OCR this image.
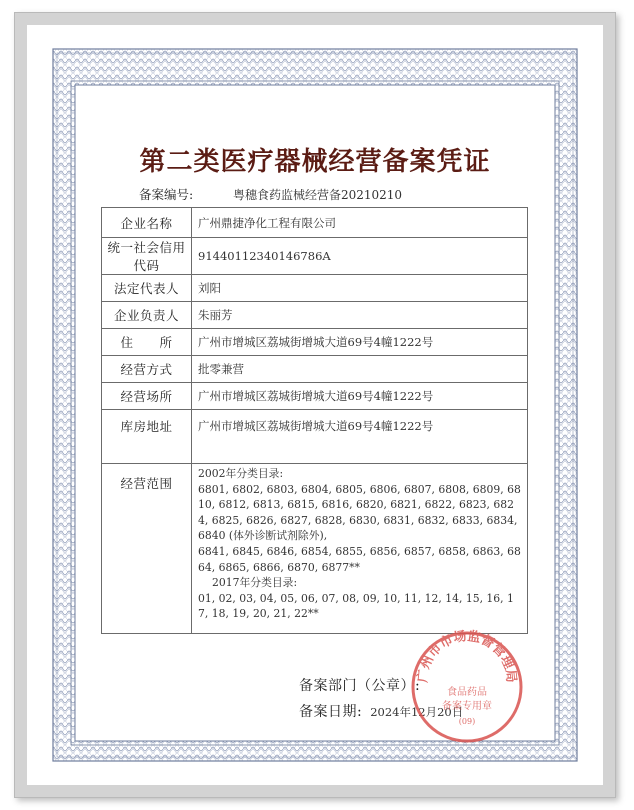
第二类医疗器械经营备案凭证
备案编号:	粤穗食药监械经营备20210210
企业名称	广州鼎捷净化工程有限公司
统一社会信用代码	91440112340146786A
法定代表人	刘阳
企业负责人	朱丽芳
住　　所	广州市增城区荔城街增城大道69号4幢1222号
经营方式	批零兼营
经营场所	广州市增城区荔城街增城大道69号4幢1222号
库房地址	广州市增城区荔城街增城大道69号4幢1222号
经营范围	2002年分类目录:
6801, 6802, 6803, 6804, 6805, 6806, 6807, 6808, 6809, 6810, 6812, 6813, 6815, 6816, 6820, 6821, 6822, 6823, 6824, 6825, 6826, 6827, 6828, 6830, 6831, 6832, 6833, 6834, 6840 (体外诊断试剂除外),
6841, 6845, 6846, 6854, 6855, 6856, 6857, 6858, 6863, 6864, 6865, 6866, 6870, 6877**
2017年分类目录:
01, 02, 03, 04, 05, 06, 07, 08, 09, 10, 11, 12, 14, 15, 16, 17, 18, 19, 20, 21, 22**
备案部门（公章）:
备案日期: 2024年12月20日
广州市市场监督管理局
食品药品
备案专用章
(09)
